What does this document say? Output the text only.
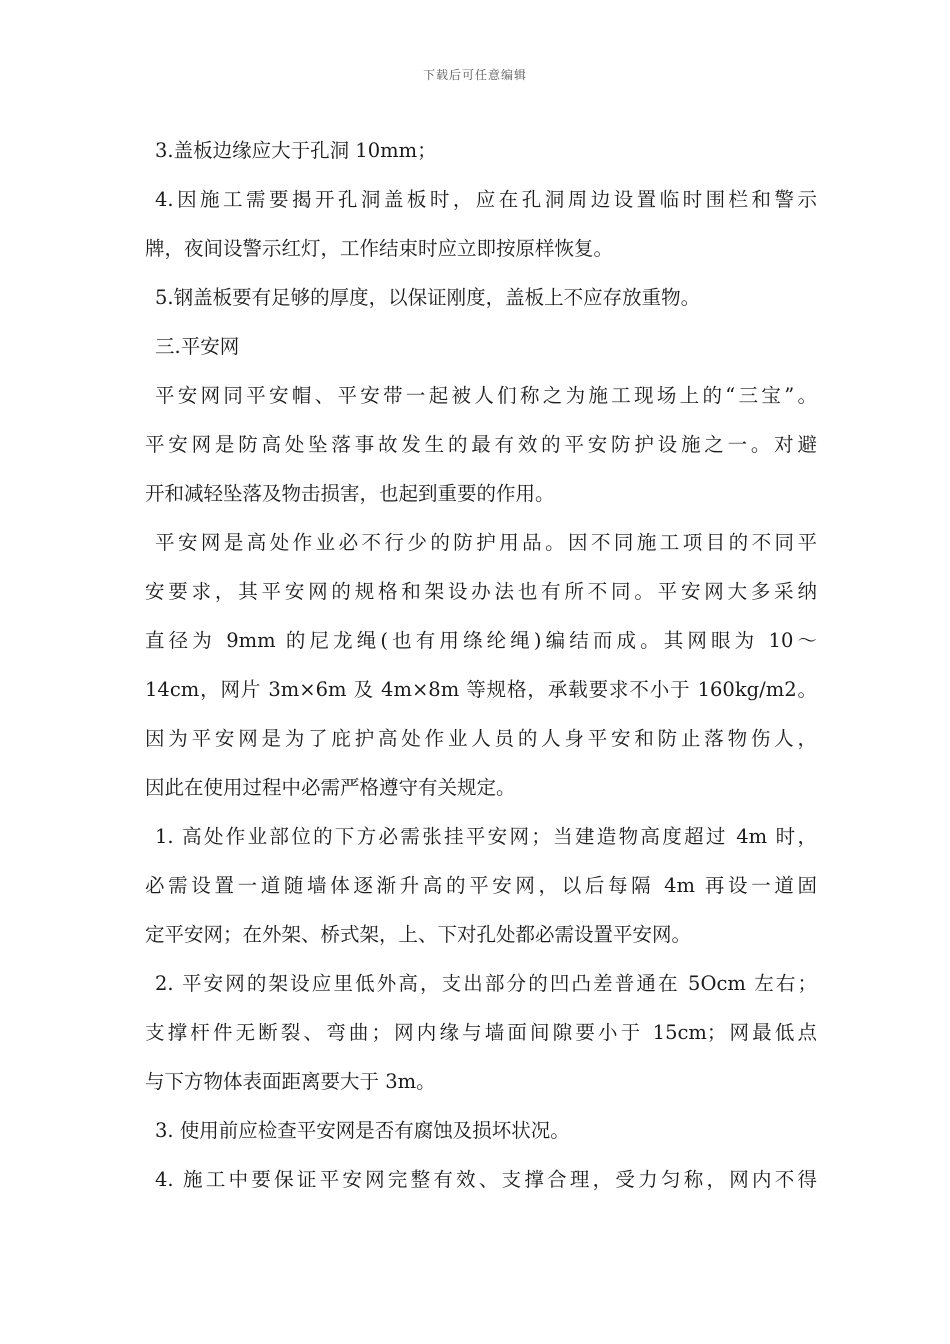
下载后可任意编辑
3.盖板边缘应大于孔洞 10mm；
4.因施工需要揭开孔洞盖板时，应在孔洞周边设置临时围栏和警示
牌，夜间设警示红灯，工作结束时应立即按原样恢复。
5.钢盖板要有足够的厚度，以保证刚度，盖板上不应存放重物。
三.平安网
平安网同平安帽、平安带一起被人们称之为施工现场上的“三宝”。
平安网是防高处坠落事故发生的最有效的平安防护设施之一。对避
开和减轻坠落及物击损害，也起到重要的作用。
平安网是高处作业必不行少的防护用品。因不同施工项目的不同平
安要求，其平安网的规格和架设办法也有所不同。平安网大多采纳
直径为 9mm 的尼龙绳(也有用绦纶绳)编结而成。其网眼为 10～
14cm，网片 3m×6m 及 4m×8m 等规格，承载要求不小于 160kg/m2。
因为平安网是为了庇护高处作业人员的人身平安和防止落物伤人，
因此在使用过程中必需严格遵守有关规定。
1. 高处作业部位的下方必需张挂平安网；当建造物高度超过 4m 时，
必需设置一道随墙体逐渐升高的平安网，以后每隔 4m 再设一道固
定平安网；在外架、桥式架，上、下对孔处都必需设置平安网。
2. 平安网的架设应里低外高，支出部分的凹凸差普通在 5Ocm 左右；
支撑杆件无断裂、弯曲；网内缘与墙面间隙要小于 15cm；网最低点
与下方物体表面距离要大于 3m。
3. 使用前应检查平安网是否有腐蚀及损坏状况。
4. 施工中要保证平安网完整有效、支撑合理，受力匀称，网内不得
